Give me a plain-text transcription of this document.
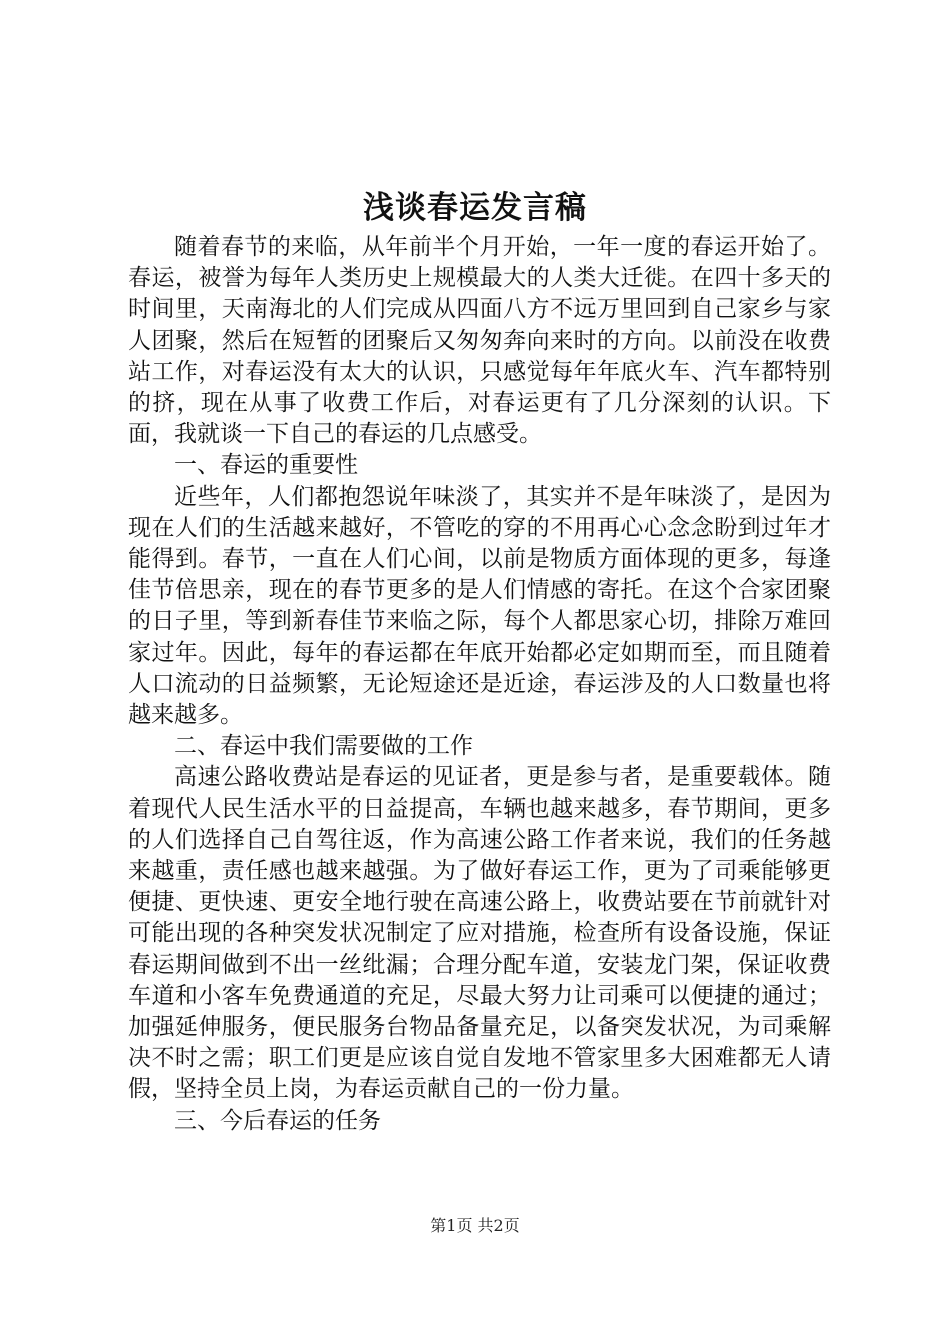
浅谈春运发言稿

随着春节的来临，从年前半个月开始，一年一度的春运开始了。春运，被誉为每年人类历史上规模最大的人类大迁徙。在四十多天的时间里，天南海北的人们完成从四面八方不远万里回到自己家乡与家人团聚，然后在短暂的团聚后又匆匆奔向来时的方向。以前没在收费站工作，对春运没有太大的认识，只感觉每年年底火车、汽车都特别的挤，现在从事了收费工作后，对春运更有了几分深刻的认识。下面，我就谈一下自己的春运的几点感受。

一、春运的重要性

近些年，人们都抱怨说年味淡了，其实并不是年味淡了，是因为现在人们的生活越来越好，不管吃的穿的不用再心心念念盼到过年才能得到。春节，一直在人们心间，以前是物质方面体现的更多，每逢佳节倍思亲，现在的春节更多的是人们情感的寄托。在这个合家团聚的日子里，等到新春佳节来临之际，每个人都思家心切，排除万难回家过年。因此，每年的春运都在年底开始都必定如期而至，而且随着人口流动的日益频繁，无论短途还是近途，春运涉及的人口数量也将越来越多。

二、春运中我们需要做的工作

高速公路收费站是春运的见证者，更是参与者，是重要载体。随着现代人民生活水平的日益提高，车辆也越来越多，春节期间，更多的人们选择自己自驾往返，作为高速公路工作者来说，我们的任务越来越重，责任感也越来越强。为了做好春运工作，更为了司乘能够更便捷、更快速、更安全地行驶在高速公路上，收费站要在节前就针对可能出现的各种突发状况制定了应对措施，检查所有设备设施，保证春运期间做到不出一丝纰漏；合理分配车道，安装龙门架，保证收费车道和小客车免费通道的充足，尽最大努力让司乘可以便捷的通过；加强延伸服务，便民服务台物品备量充足，以备突发状况，为司乘解决不时之需；职工们更是应该自觉自发地不管家里多大困难都无人请假，坚持全员上岗，为春运贡献自己的一份力量。

三、今后春运的任务

第1页 共2页
